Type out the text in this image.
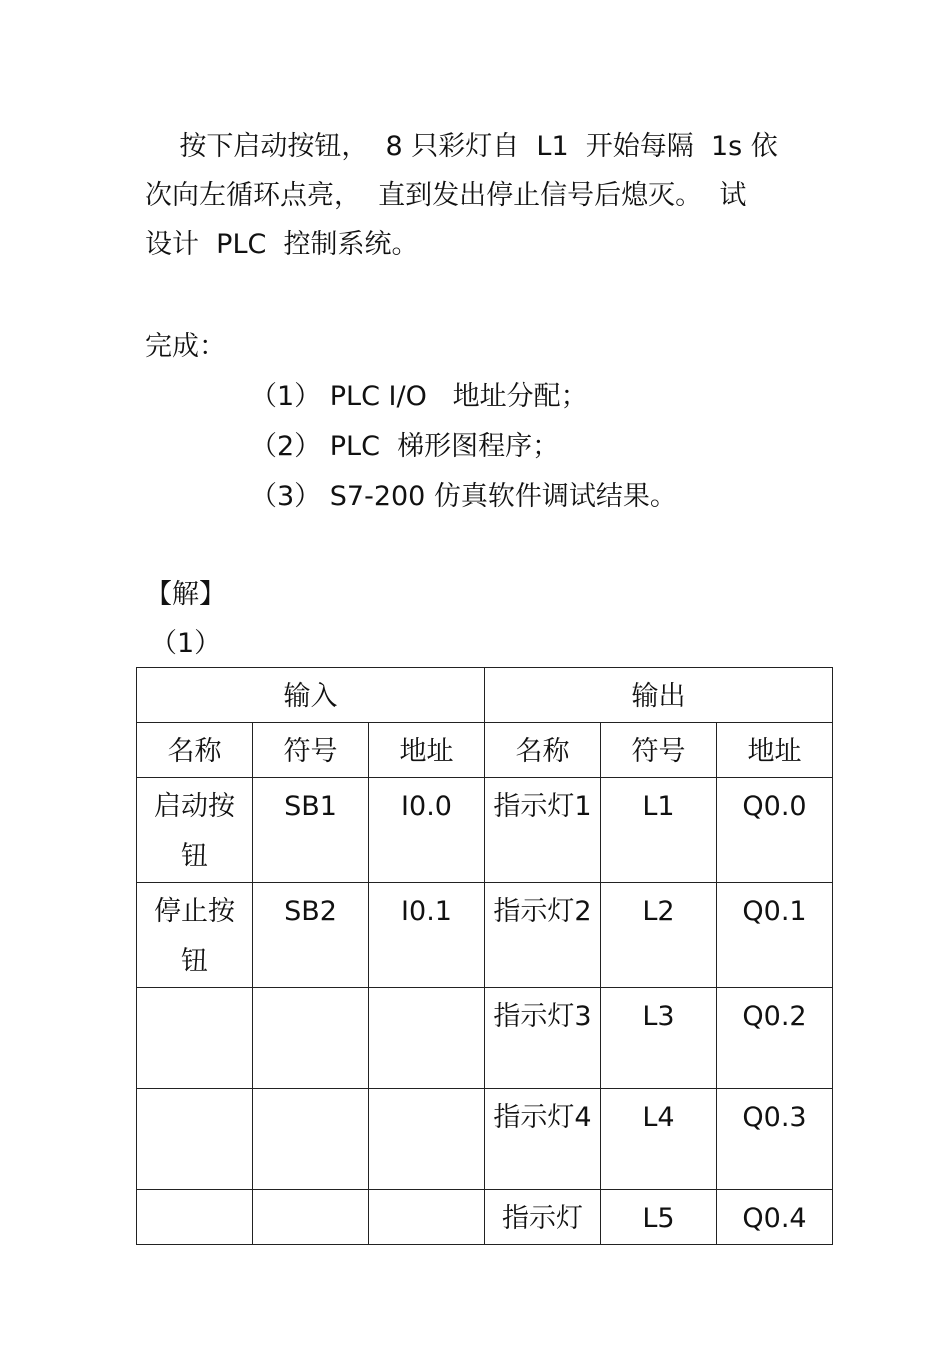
按下启动按钮，  8 只彩灯自  L1  开始每隔  1s 依
次向左循环点亮，  直到发出停止信号后熄灭。  试
设计  PLC  控制系统。

完成：

（1） PLC I/O   地址分配；
（2） PLC  梯形图程序；
（3） S7-200 仿真软件调试结果。

【解】

（1）

输入			输出		

名称	符号	地址	名称	符号	地址

启动按钮	SB1	I0.0	指示灯1	L1	Q0.0

停止按钮	SB2	I0.1	指示灯2	L2	Q0.1

			指示灯3	L3	Q0.2

			指示灯4	L4	Q0.3

			指示灯	L5	Q0.4
